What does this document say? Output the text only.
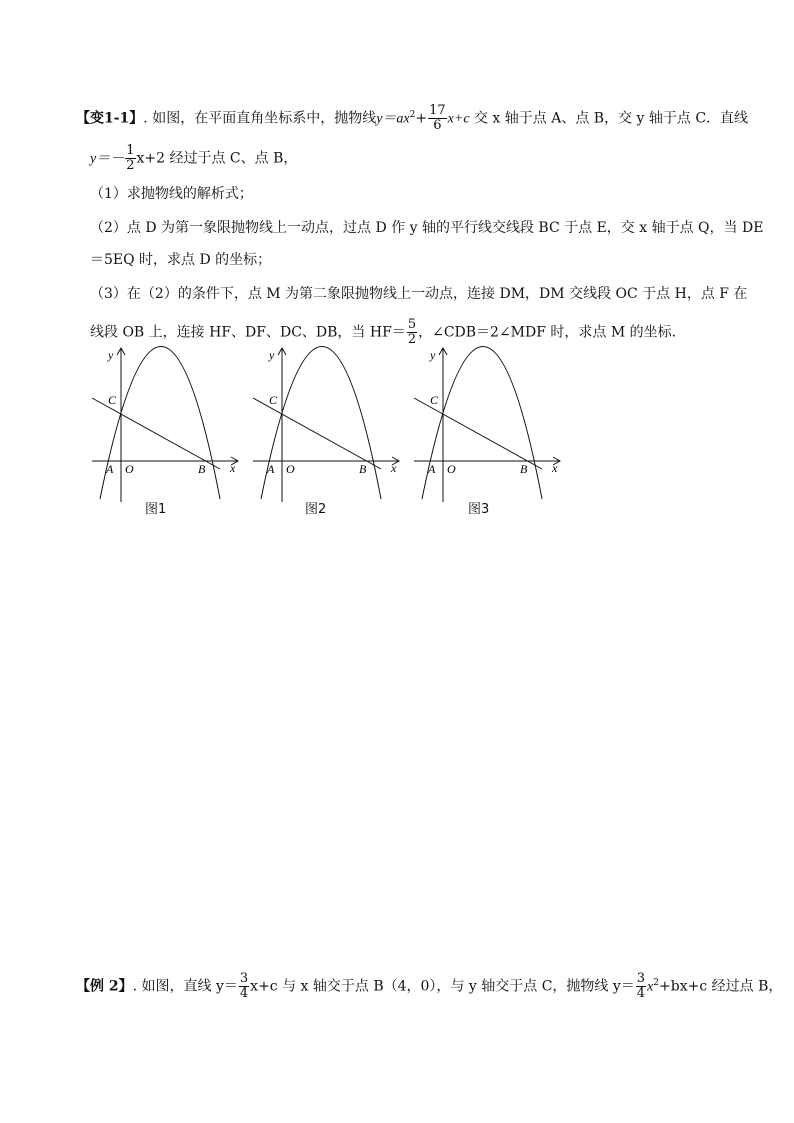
【变1-1】. 如图，在平面直角坐标系中，抛物线$y=ax^2+ \frac{17}{6} x+c$ 交 x 轴于点 A、点 B，交 y 轴于点 C．直线
$y=- \frac{1}{2} x+2$ 经过于点 C、点 B，
（1）求抛物线的解析式；
（2）点 D 为第一象限抛物线上一动点，过点 D 作 y 轴的平行线交线段 BC 于点 E，交 x 轴于点 Q，当 DE
＝5EQ 时，求点 D 的坐标；
（3）在（2）的条件下，点 M 为第二象限抛物线上一动点，连接 DM，DM 交线段 OC 于点 H，点 F 在
线段 OB 上，连接 HF、DF、DC、DB，当 $HF= \frac{5}{2}$ ，∠CDB＝2∠MDF 时，求点 M 的坐标．
y
x
C
A O	B
图1
y
x
C
A O	B
图2
y
x
C
A O	B
图3
【例 2】. 如图，直线 $y= \frac{3}{4} x+c$ 与 x 轴交于点 B（4，0），与 y 轴交于点 C，抛物线 $y= \frac{3}{4} x^2+bx+c$ 经过点 B，
